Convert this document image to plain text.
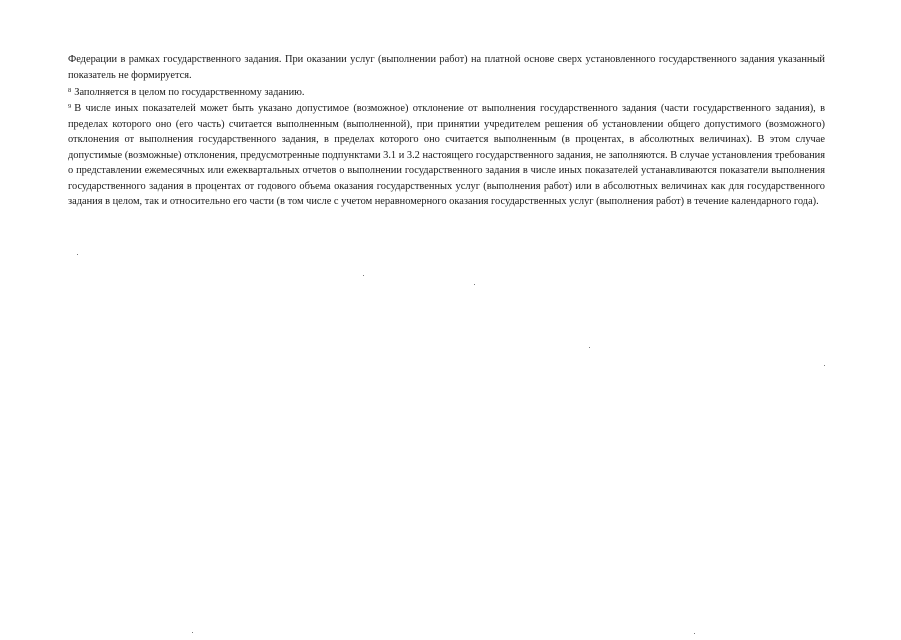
Федерации в рамках государственного задания. При оказании услуг (выполнении работ) на платной основе сверх установленного государственного задания указанный показатель не формируется.

$^8$ Заполняется в целом по государственному заданию.

$^9$ В числе иных показателей может быть указано допустимое (возможное) отклонение от выполнения государственного задания (части государственного задания), в пределах которого оно (его часть) считается выполненным (выполненной), при принятии учредителем решения об установлении общего допустимого (возможного) отклонения от выполнения государственного задания, в пределах которого оно считается выполненным (в процентах, в абсолютных величинах). В этом случае допустимые (возможные) отклонения, предусмотренные подпунктами 3.1 и 3.2 настоящего государственного задания, не заполняются. В случае установления требования о представлении ежемесячных или ежеквартальных отчетов о выполнении государственного задания в числе иных показателей устанавливаются показатели выполнения государственного задания в процентах от годового объема оказания государственных услуг (выполнения работ) или в абсолютных величинах как для государственного задания в целом, так и относительно его части (в том числе с учетом неравномерного оказания государственных услуг (выполнения работ) в течение календарного года).
